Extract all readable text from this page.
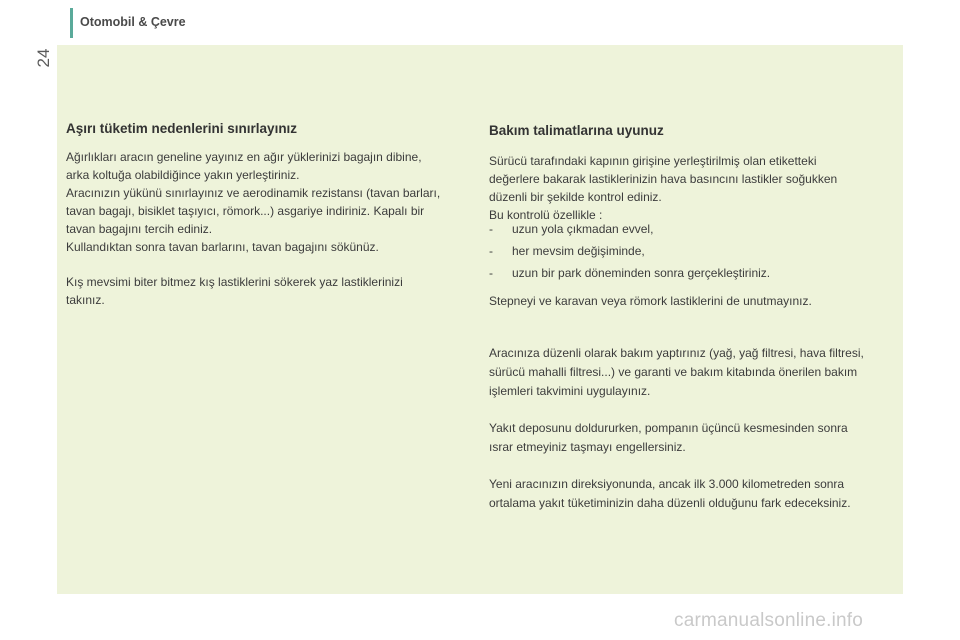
24
Otomobil & Çevre
Aşırı tüketim nedenlerini sınırlayınız

Ağırlıkları aracın geneline yayınız en ağır yüklerinizi bagajın dibine,
arka koltuğa olabildiğince yakın yerleştiriniz.
Aracınızın yükünü sınırlayınız ve aerodinamik rezistansı (tavan barları,
tavan bagajı, bisiklet taşıyıcı, römork...) asgariye indiriniz. Kapalı bir
tavan bagajını tercih ediniz.
Kullandıktan sonra tavan barlarını, tavan bagajını sökünüz.

Kış mevsimi biter bitmez kış lastiklerini sökerek yaz lastiklerinizi
takınız.

Bakım talimatlarına uyunuz

Sürücü tarafındaki kapının girişine yerleştirilmiş olan etiketteki
değerlere bakarak lastiklerinizin hava basıncını lastikler soğukken
düzenli bir şekilde kontrol ediniz.
Bu kontrolü özellikle :

-	uzun yola çıkmadan evvel,
-	her mevsim değişiminde,
-	uzun bir park döneminden sonra gerçekleştiriniz.

Stepneyi ve karavan veya römork lastiklerini de unutmayınız.

Aracınıza düzenli olarak bakım yaptırınız (yağ, yağ filtresi, hava filtresi,
sürücü mahalli filtresi...) ve garanti ve bakım kitabında önerilen bakım
işlemleri takvimini uygulayınız.

Yakıt deposunu doldururken, pompanın üçüncü kesmesinden sonra
ısrar etmeyiniz taşmayı engellersiniz.

Yeni aracınızın direksiyonunda, ancak ilk 3.000 kilometreden sonra
ortalama yakıt tüketiminizin daha düzenli olduğunu fark edeceksiniz.

carmanualsonline.info
